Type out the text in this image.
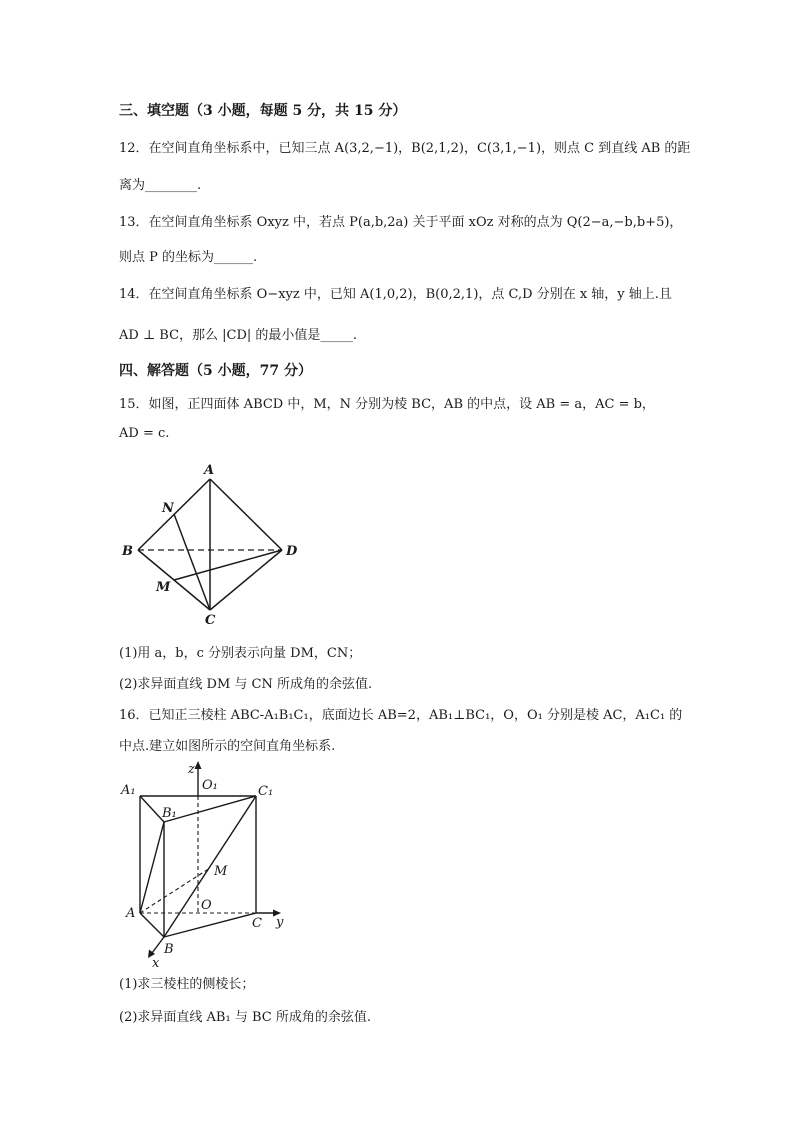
三、填空题（3 小题，每题 5 分，共 15 分）
12．在空间直角坐标系中，已知三点 A(3,2,−1)，B(2,1,2)，C(3,1,−1)，则点 C 到直线 AB 的距
离为________.
13．在空间直角坐标系 Oxyz 中，若点 P(a,b,2a) 关于平面 xOz 对称的点为 Q(2−a,−b,b+5)，
则点 P 的坐标为______.
14．在空间直角坐标系 O−xyz 中，已知 A(1,0,2)，B(0,2,1)，点 C,D 分别在 x 轴，y 轴上.且
AD ⊥ BC，那么 |CD| 的最小值是_____.
四、解答题（5 小题，77 分）
15．如图，正四面体 ABCD 中，M，N 分别为棱 BC，AB 的中点，设 AB = a，AC = b，
AD = c.
A
N
B	D
M
C
(1)用 a，b，c 分别表示向量 DM，CN；
(2)求异面直线 DM 与 CN 所成角的余弦值.
16．已知正三棱柱 ABC-A₁B₁C₁，底面边长 AB=2，AB₁⊥BC₁，O，O₁ 分别是棱 AC，A₁C₁ 的
中点.建立如图所示的空间直角坐标系.
z
O₁
A₁	C₁
B₁
M
A
O
C y
B
x
(1)求三棱柱的侧棱长；
(2)求异面直线 AB₁ 与 BC 所成角的余弦值.
